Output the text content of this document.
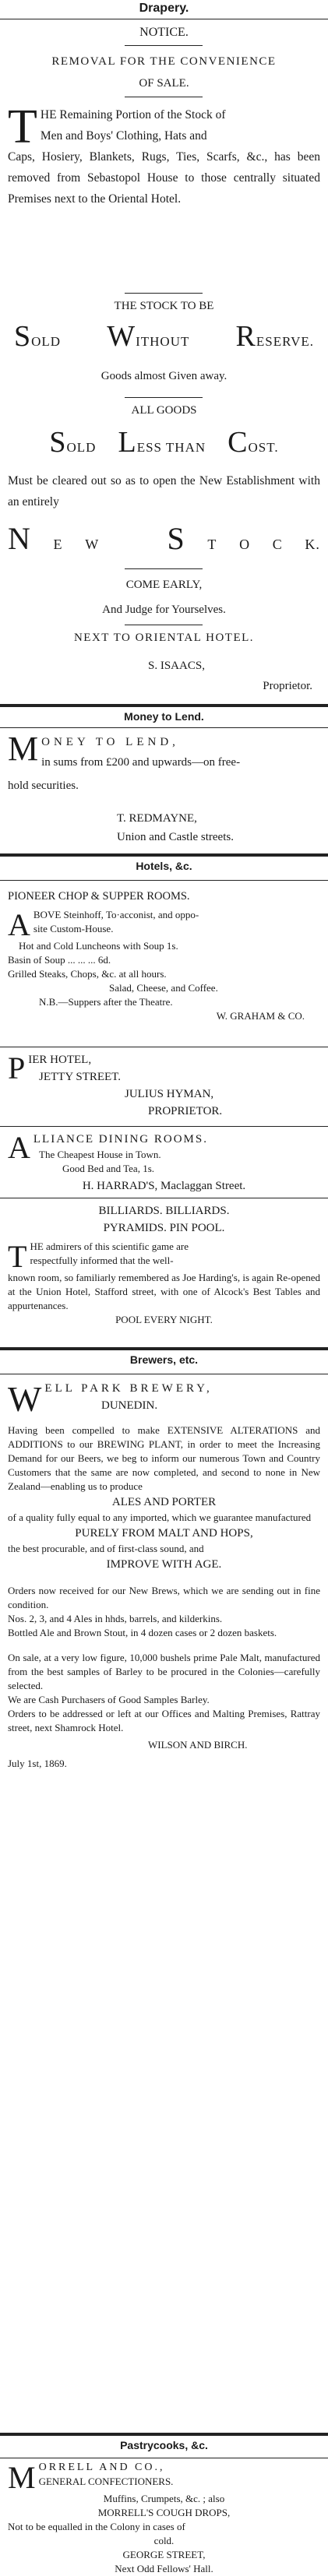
Drapery.
NOTICE.
REMOVAL FOR THE CONVENIENCE
OF SALE.
T HE Remaining Portion of the Stock of
Men and Boys' Clothing, Hats and
Caps, Hosiery, Blankets, Rugs, Ties, Scarfs, &c., has been removed from Sebastopol House to those centrally situated Premises next to the Oriental Hotel.
THE STOCK TO BE
SOLD WITHOUT RESERVE.
Goods almost Given away.
ALL GOODS
SOLD LESS THAN COST.
Must be cleared out so as to open the New Establishment with an entirely
N E W S T O C K.
COME EARLY,
And Judge for Yourselves.
NEXT TO ORIENTAL HOTEL.
S. ISAACS,
Proprietor.
Money to Lend.
M ONEY TO LEND,
in sums from £200 and upwards—on free-
hold securities.
T. REDMAYNE,
Union and Castle streets.
Hotels, &c.
PIONEER CHOP & SUPPER ROOMS.
A BOVE Steinhoff, To·acconist, and oppo-
site Custom-House.
Hot and Cold Luncheons with Soup 1s.
Basin of Soup ... ... ... 6d.
Grilled Steaks, Chops, &c. at all hours.
Salad, Cheese, and Coffee.
N.B.—Suppers after the Theatre.
W. GRAHAM & CO.
P IER HOTEL,
JETTY STREET.
JULIUS HYMAN,
PROPRIETOR.
A LLIANCE DINING ROOMS.
The Cheapest House in Town.
Good Bed and Tea, 1s.
H. HARRAD'S, Maclaggan Street.
BILLIARDS. BILLIARDS.
PYRAMIDS. PIN POOL.
T HE admirers of this scientific game are
respectfully informed that the well-
known room, so familiarly remembered as Joe Harding's, is again Re-opened at the Union Hotel, Stafford street, with one of Alcock's Best Tables and appurtenances.
POOL EVERY NIGHT.
Brewers, etc.
W ELL PARK BREWERY,
DUNEDIN.
Having been compelled to make EXTENSIVE ALTERATIONS and ADDITIONS to our BREWING PLANT, in order to meet the Increasing Demand for our Beers, we beg to inform our numerous Town and Country Customers that the same are now completed, and second to none in New Zealand—enabling us to produce
ALES AND PORTER
of a quality fully equal to any imported, which we guarantee manufactured
PURELY FROM MALT AND HOPS,
the best procurable, and of first-class sound, and
IMPROVE WITH AGE.
Orders now received for our New Brews, which we are sending out in fine condition.
Nos. 2, 3, and 4 Ales in hhds, barrels, and kilderkins.
Bottled Ale and Brown Stout, in 4 dozen cases or 2 dozen baskets.
On sale, at a very low figure, 10,000 bushels prime Pale Malt, manufactured from the best samples of Barley to be procured in the Colonies—carefully selected.
We are Cash Purchasers of Good Samples Barley.
Orders to be addressed or left at our Offices and Malting Premises, Rattray street, next Shamrock Hotel.
WILSON AND BIRCH.
July 1st, 1869.
Pastrycooks, &c.
M ORRELL AND CO.,
GENERAL CONFECTIONERS.
Muffins, Crumpets, &c. ; also
MORRELL'S COUGH DROPS,
Not to be equalled in the Colony in cases of
cold.
GEORGE STREET,
Next Odd Fellows' Hall.
